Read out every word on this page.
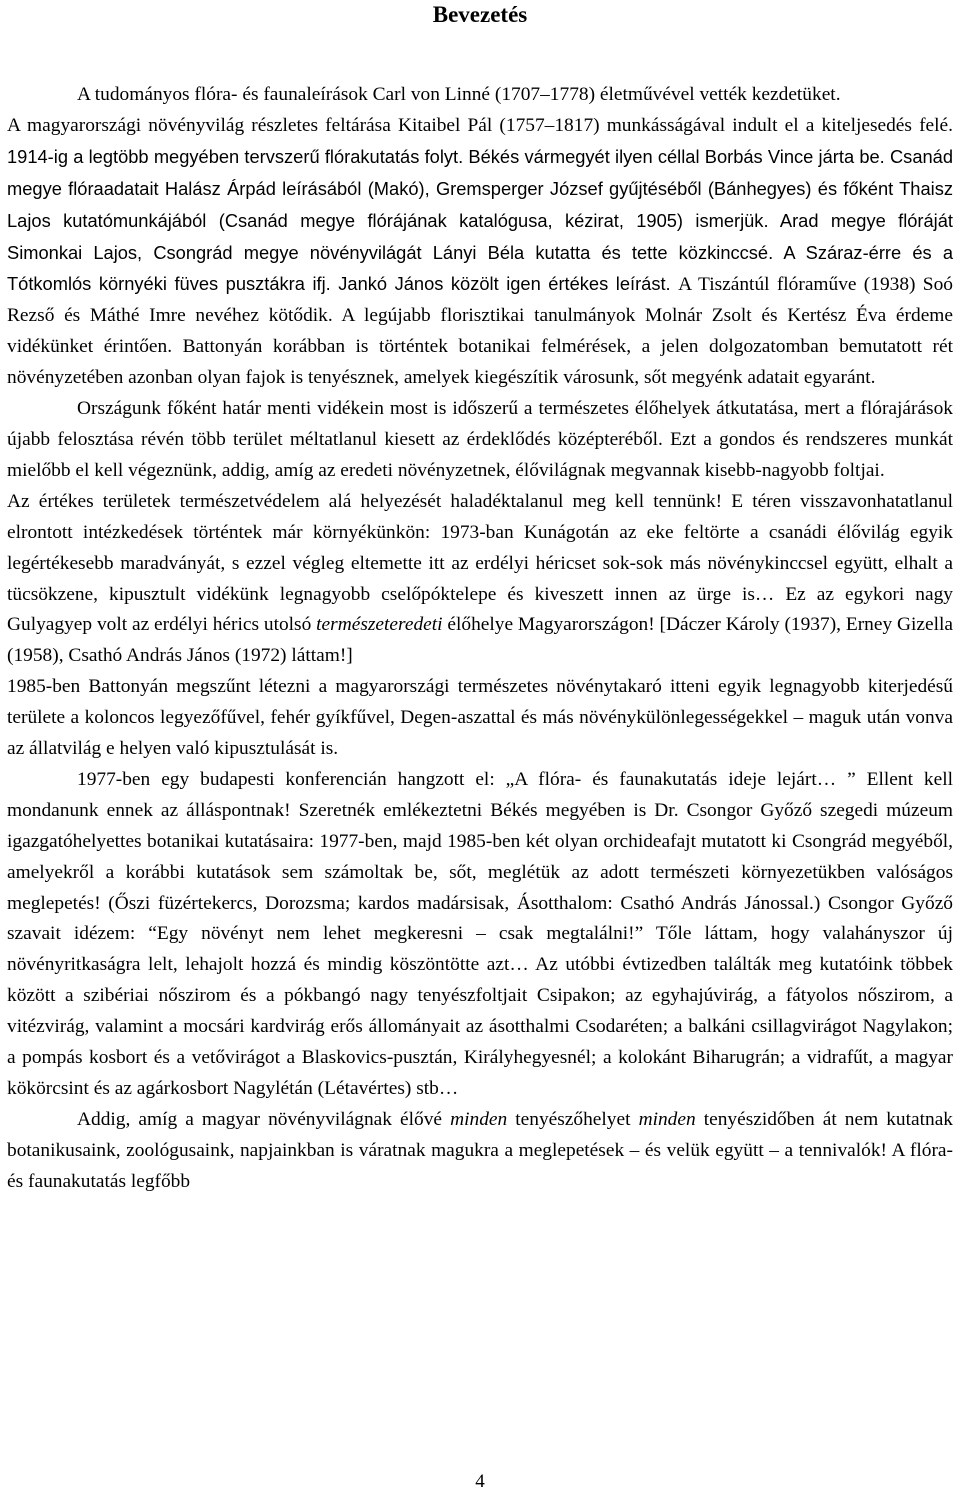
Bevezetés

A tudományos flóra- és faunaleírások Carl von Linné (1707–1778) életművével vették kezdetüket.

A magyarországi növényvilág részletes feltárása Kitaibel Pál (1757–1817) munkásságával indult el a kiteljesedés felé. 1914-ig a legtöbb megyében tervszerű flórakutatás folyt. Békés vármegyét ilyen céllal Borbás Vince járta be. Csanád megye flóraadatait Halász Árpád leírásából (Makó), Gremsperger József gyűjtéséből (Bánhegyes) és főként Thaisz Lajos kutatómunkájából (Csanád megye flórájának katalógusa, kézirat, 1905) ismerjük. Arad megye flóráját Simonkai Lajos, Csongrád megye növényvilágát Lányi Béla kutatta és tette közkinccsé. A Száraz-érre és a Tótkomlós környéki füves pusztákra ifj. Jankó János közölt igen értékes leírást. A Tiszántúl flóraműve (1938) Soó Rezső és Máthé Imre nevéhez kötődik. A legújabb florisztikai tanulmányok Molnár Zsolt és Kertész Éva érdeme vidékünket érintően. Battonyán korábban is történtek botanikai felmérések, a jelen dolgozatomban bemutatott rét növényzetében azonban olyan fajok is tenyésznek, amelyek kiegészítik városunk, sőt megyénk adatait egyaránt.

Országunk főként határ menti vidékein most is időszerű a természetes élőhelyek átkutatása, mert a flórajárások újabb felosztása révén több terület méltatlanul kiesett az érdeklődés középteréből. Ezt a gondos és rendszeres munkát mielőbb el kell végeznünk, addig, amíg az eredeti növényzetnek, élővilágnak megvannak kisebb-nagyobb foltjai.

Az értékes területek természetvédelem alá helyezését haladéktalanul meg kell tennünk! E téren visszavonhatatlanul elrontott intézkedések történtek már környékünkön: 1973-ban Kunágotán az eke feltörte a csanádi élővilág egyik legértékesebb maradványát, s ezzel végleg eltemette itt az erdélyi héricset sok-sok más növénykinccsel együtt, elhalt a tücsökzene, kipusztult vidékünk legnagyobb cselőpóktelepe és kiveszett innen az ürge is… Ez az egykori nagy Gulyagyep volt az erdélyi hérics utolsó természeteredeti élőhelye Magyarországon! [Dáczer Károly (1937), Erney Gizella (1958), Csathó András János (1972) láttam!]

1985-ben Battonyán megszűnt létezni a magyarországi természetes növénytakaró itteni egyik legnagyobb kiterjedésű területe a koloncos legyezőfűvel, fehér gyíkfűvel, Degen-aszattal és más növénykülönlegességekkel – maguk után vonva az állatvilág e helyen való kipusztulását is.

1977-ben egy budapesti konferencián hangzott el: „A flóra- és faunakutatás ideje lejárt… ” Ellent kell mondanunk ennek az álláspontnak! Szeretnék emlékeztetni Békés megyében is Dr. Csongor Győző szegedi múzeum igazgatóhelyettes botanikai kutatásaira: 1977-ben, majd 1985-ben két olyan orchideafajt mutatott ki Csongrád megyéből, amelyekről a korábbi kutatások sem számoltak be, sőt, meglétük az adott természeti környezetükben valóságos meglepetés! (Őszi füzértekercs, Dorozsma; kardos madársisak, Ásotthalom: Csathó András Jánossal.) Csongor Győző szavait idézem: “Egy növényt nem lehet megkeresni – csak megtalálni!” Tőle láttam, hogy valahányszor új növényritkaságra lelt, lehajolt hozzá és mindig köszöntötte azt… Az utóbbi évtizedben találták meg kutatóink többek között a szibériai nőszirom és a pókbangó nagy tenyészfoltjait Csipakon; az egyhajúvirág, a fátyolos nőszirom, a vitézvirág, valamint a mocsári kardvirág erős állományait az ásotthalmi Csodaréten; a balkáni csillagvirágot Nagylakon; a pompás kosbort és a vetővirágot a Blaskovics-pusztán, Királyhegyesnél; a kolokánt Biharugrán; a vidrafűt, a magyar kökörcsint és az agárkosbort Nagylétán (Létavértes) stb…

Addig, amíg a magyar növényvilágnak élővé minden tenyészőhelyet minden tenyészidőben át nem kutatnak botanikusaink, zoológusaink, napjainkban is váratnak magukra a meglepetések – és velük együtt – a tennivalók! A flóra- és faunakutatás legfőbb

4
